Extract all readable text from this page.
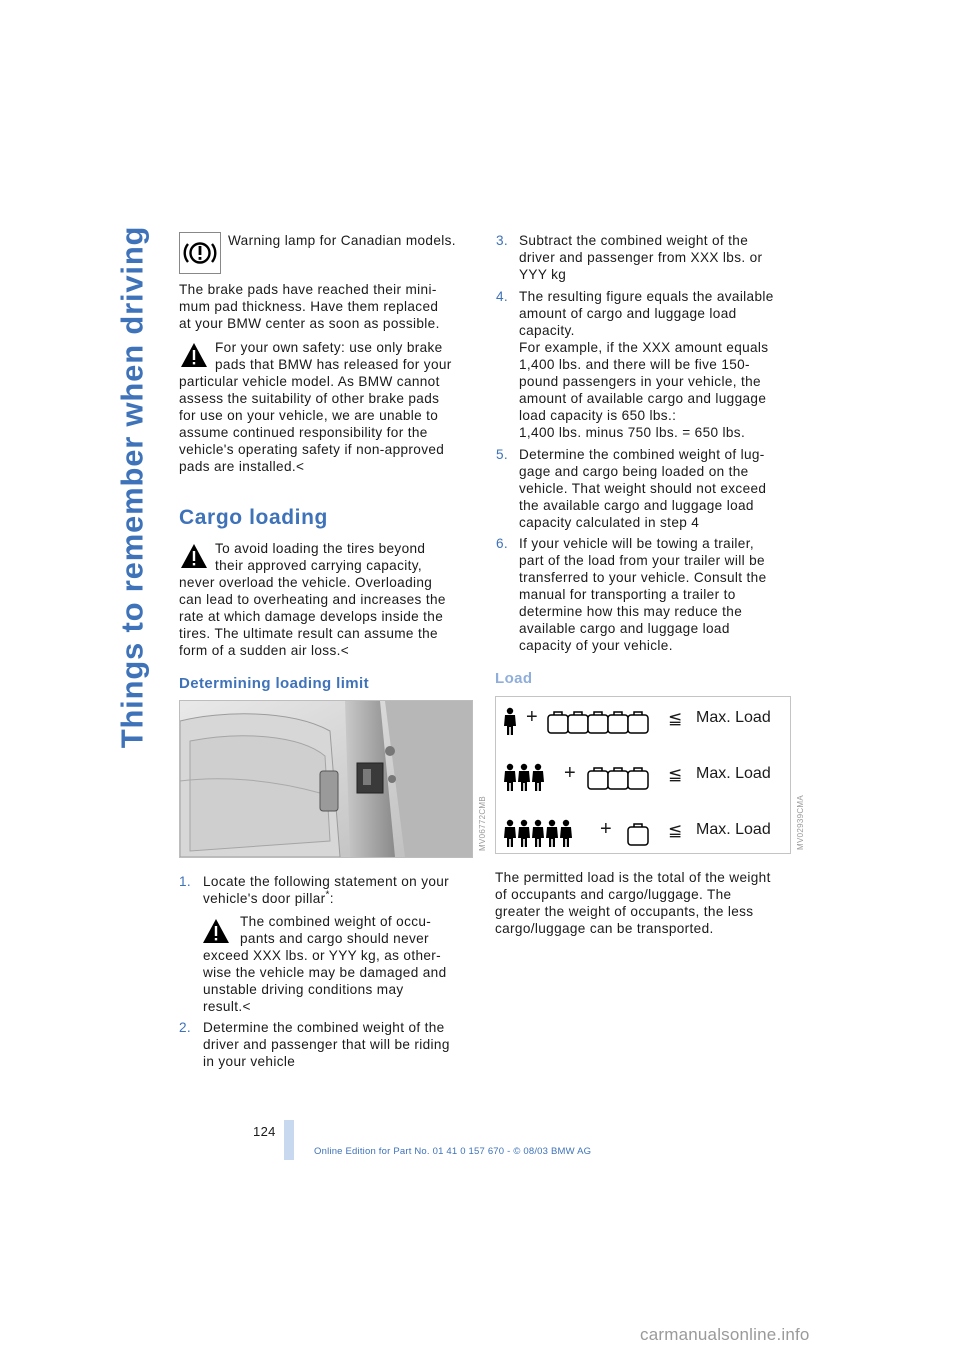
Things to remember when driving	Warning lamp for Canadian models.

The brake pads have reached their mini-

mum pad thickness. Have them replaced

at your BMW center as soon as possible.

For your own safety: use only brake

pads that BMW has released for your

particular vehicle model. As BMW cannot

assess the suitability of other brake pads

for use on your vehicle, we are unable to

assume continued responsibility for the

vehicle's operating safety if non-approved

pads are installed.<

Cargo loading

To avoid loading the tires beyond

their approved carrying capacity,

never overload the vehicle. Overloading

can lead to overheating and increases the

rate at which damage develops inside the

tires. The ultimate result can assume the

form of a sudden air loss.<

Determining loading limit
MV06772CMB
1. Locate the following statement on your

vehicle's door pillar*:

The combined weight of occu-

pants and cargo should never

exceed XXX lbs. or YYY kg, as other-

wise the vehicle may be damaged and

unstable driving conditions may

result.<

2. Determine the combined weight of the

driver and passenger that will be riding

in your vehicle

3. Subtract the combined weight of the

driver and passenger from XXX lbs. or

YYY kg

4. The resulting figure equals the available

amount of cargo and luggage load

capacity.

For example, if the XXX amount equals

1,400 lbs. and there will be five 150-

pound passengers in your vehicle, the

amount of available cargo and luggage

load capacity is 650 lbs.:

1,400 lbs. minus 750 lbs. = 650 lbs.

5. Determine the combined weight of lug-

gage and cargo being loaded on the

vehicle. That weight should not exceed

the available cargo and luggage load

capacity calculated in step 4

6. If your vehicle will be towing a trailer,

part of the load from your trailer will be

transferred to your vehicle. Consult the

manual for transporting a trailer to

determine how this may reduce the

available cargo and luggage load

capacity of your vehicle.

Load
+	≦ Max. Load
+	≦ Max. Load
+	≦ Max. Load	MV02939CMA

The permitted load is the total of the weight

of occupants and cargo/luggage. The

greater the weight of occupants, the less

cargo/luggage can be transported.

124
Online Edition for Part No. 01 41 0 157 670 - © 08/03 BMW AG
carmanualsonline.info
